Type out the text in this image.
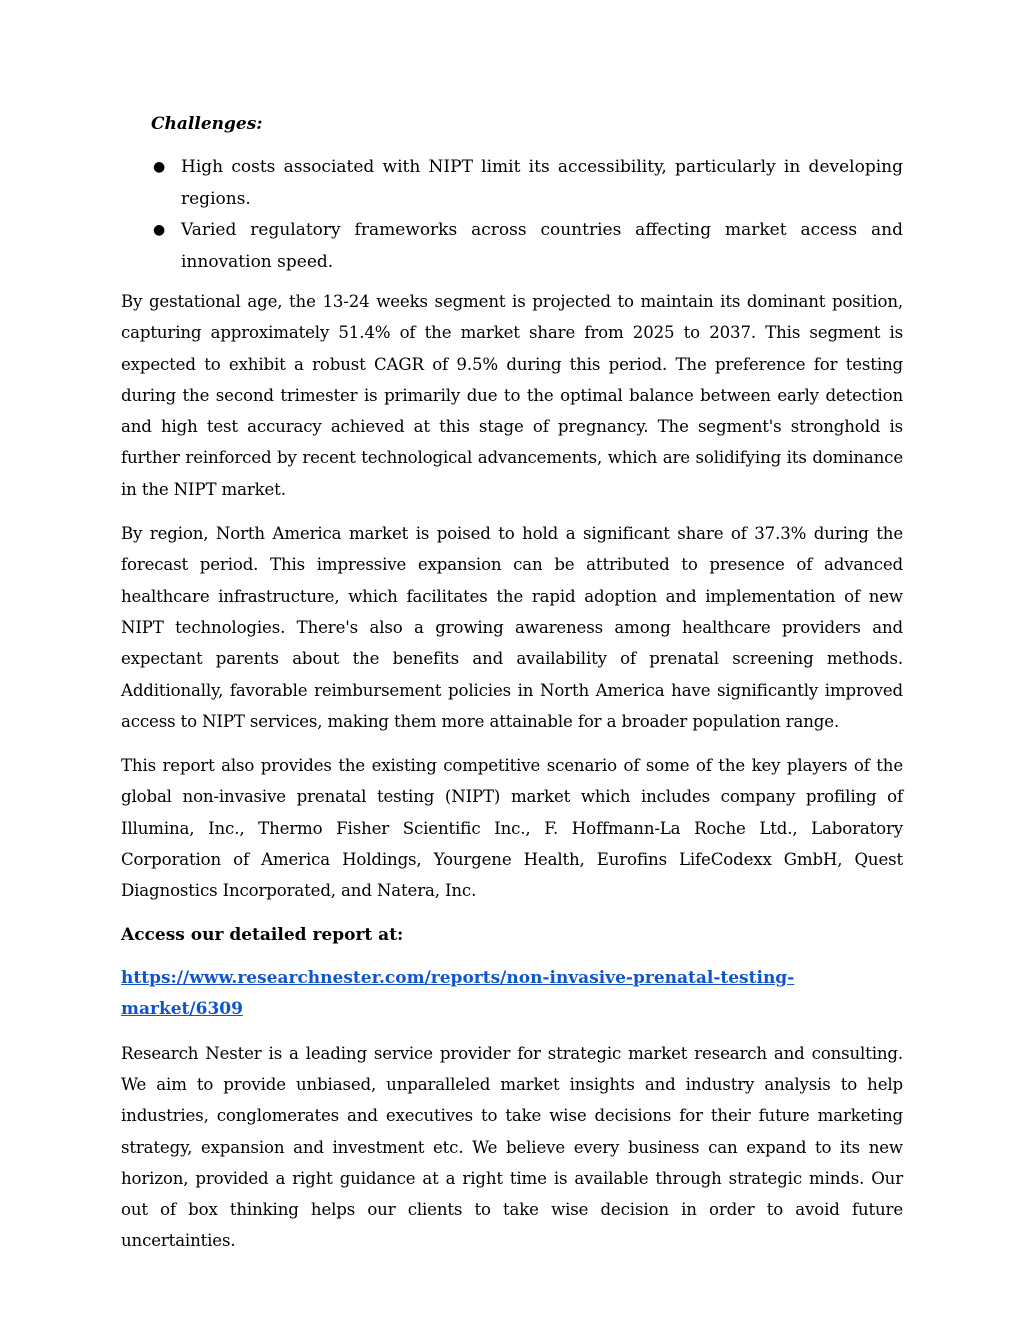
Challenges:
● High costs associated with NIPT limit its accessibility, particularly in developing regions.
● Varied regulatory frameworks across countries affecting market access and innovation speed.

By gestational age, the 13-24 weeks segment is projected to maintain its dominant position, capturing approximately 51.4% of the market share from 2025 to 2037. This segment is expected to exhibit a robust CAGR of 9.5% during this period. The preference for testing during the second trimester is primarily due to the optimal balance between early detection and high test accuracy achieved at this stage of pregnancy. The segment's stronghold is further reinforced by recent technological advancements, which are solidifying its dominance in the NIPT market.

By region, North America market is poised to hold a significant share of 37.3% during the forecast period. This impressive expansion can be attributed to presence of advanced healthcare infrastructure, which facilitates the rapid adoption and implementation of new NIPT technologies. There's also a growing awareness among healthcare providers and expectant parents about the benefits and availability of prenatal screening methods. Additionally, favorable reimbursement policies in North America have significantly improved access to NIPT services, making them more attainable for a broader population range.

This report also provides the existing competitive scenario of some of the key players of the global non-invasive prenatal testing (NIPT) market which includes company profiling of Illumina, Inc., Thermo Fisher Scientific Inc., F. Hoffmann-La Roche Ltd., Laboratory Corporation of America Holdings, Yourgene Health, Eurofins LifeCodexx GmbH, Quest Diagnostics Incorporated, and Natera, Inc.

Access our detailed report at:
https://www.researchnester.com/reports/non-invasive-prenatal-testing-
market/6309

Research Nester is a leading service provider for strategic market research and consulting. We aim to provide unbiased, unparalleled market insights and industry analysis to help industries, conglomerates and executives to take wise decisions for their future marketing strategy, expansion and investment etc. We believe every business can expand to its new horizon, provided a right guidance at a right time is available through strategic minds. Our out of box thinking helps our clients to take wise decision in order to avoid future uncertainties.
